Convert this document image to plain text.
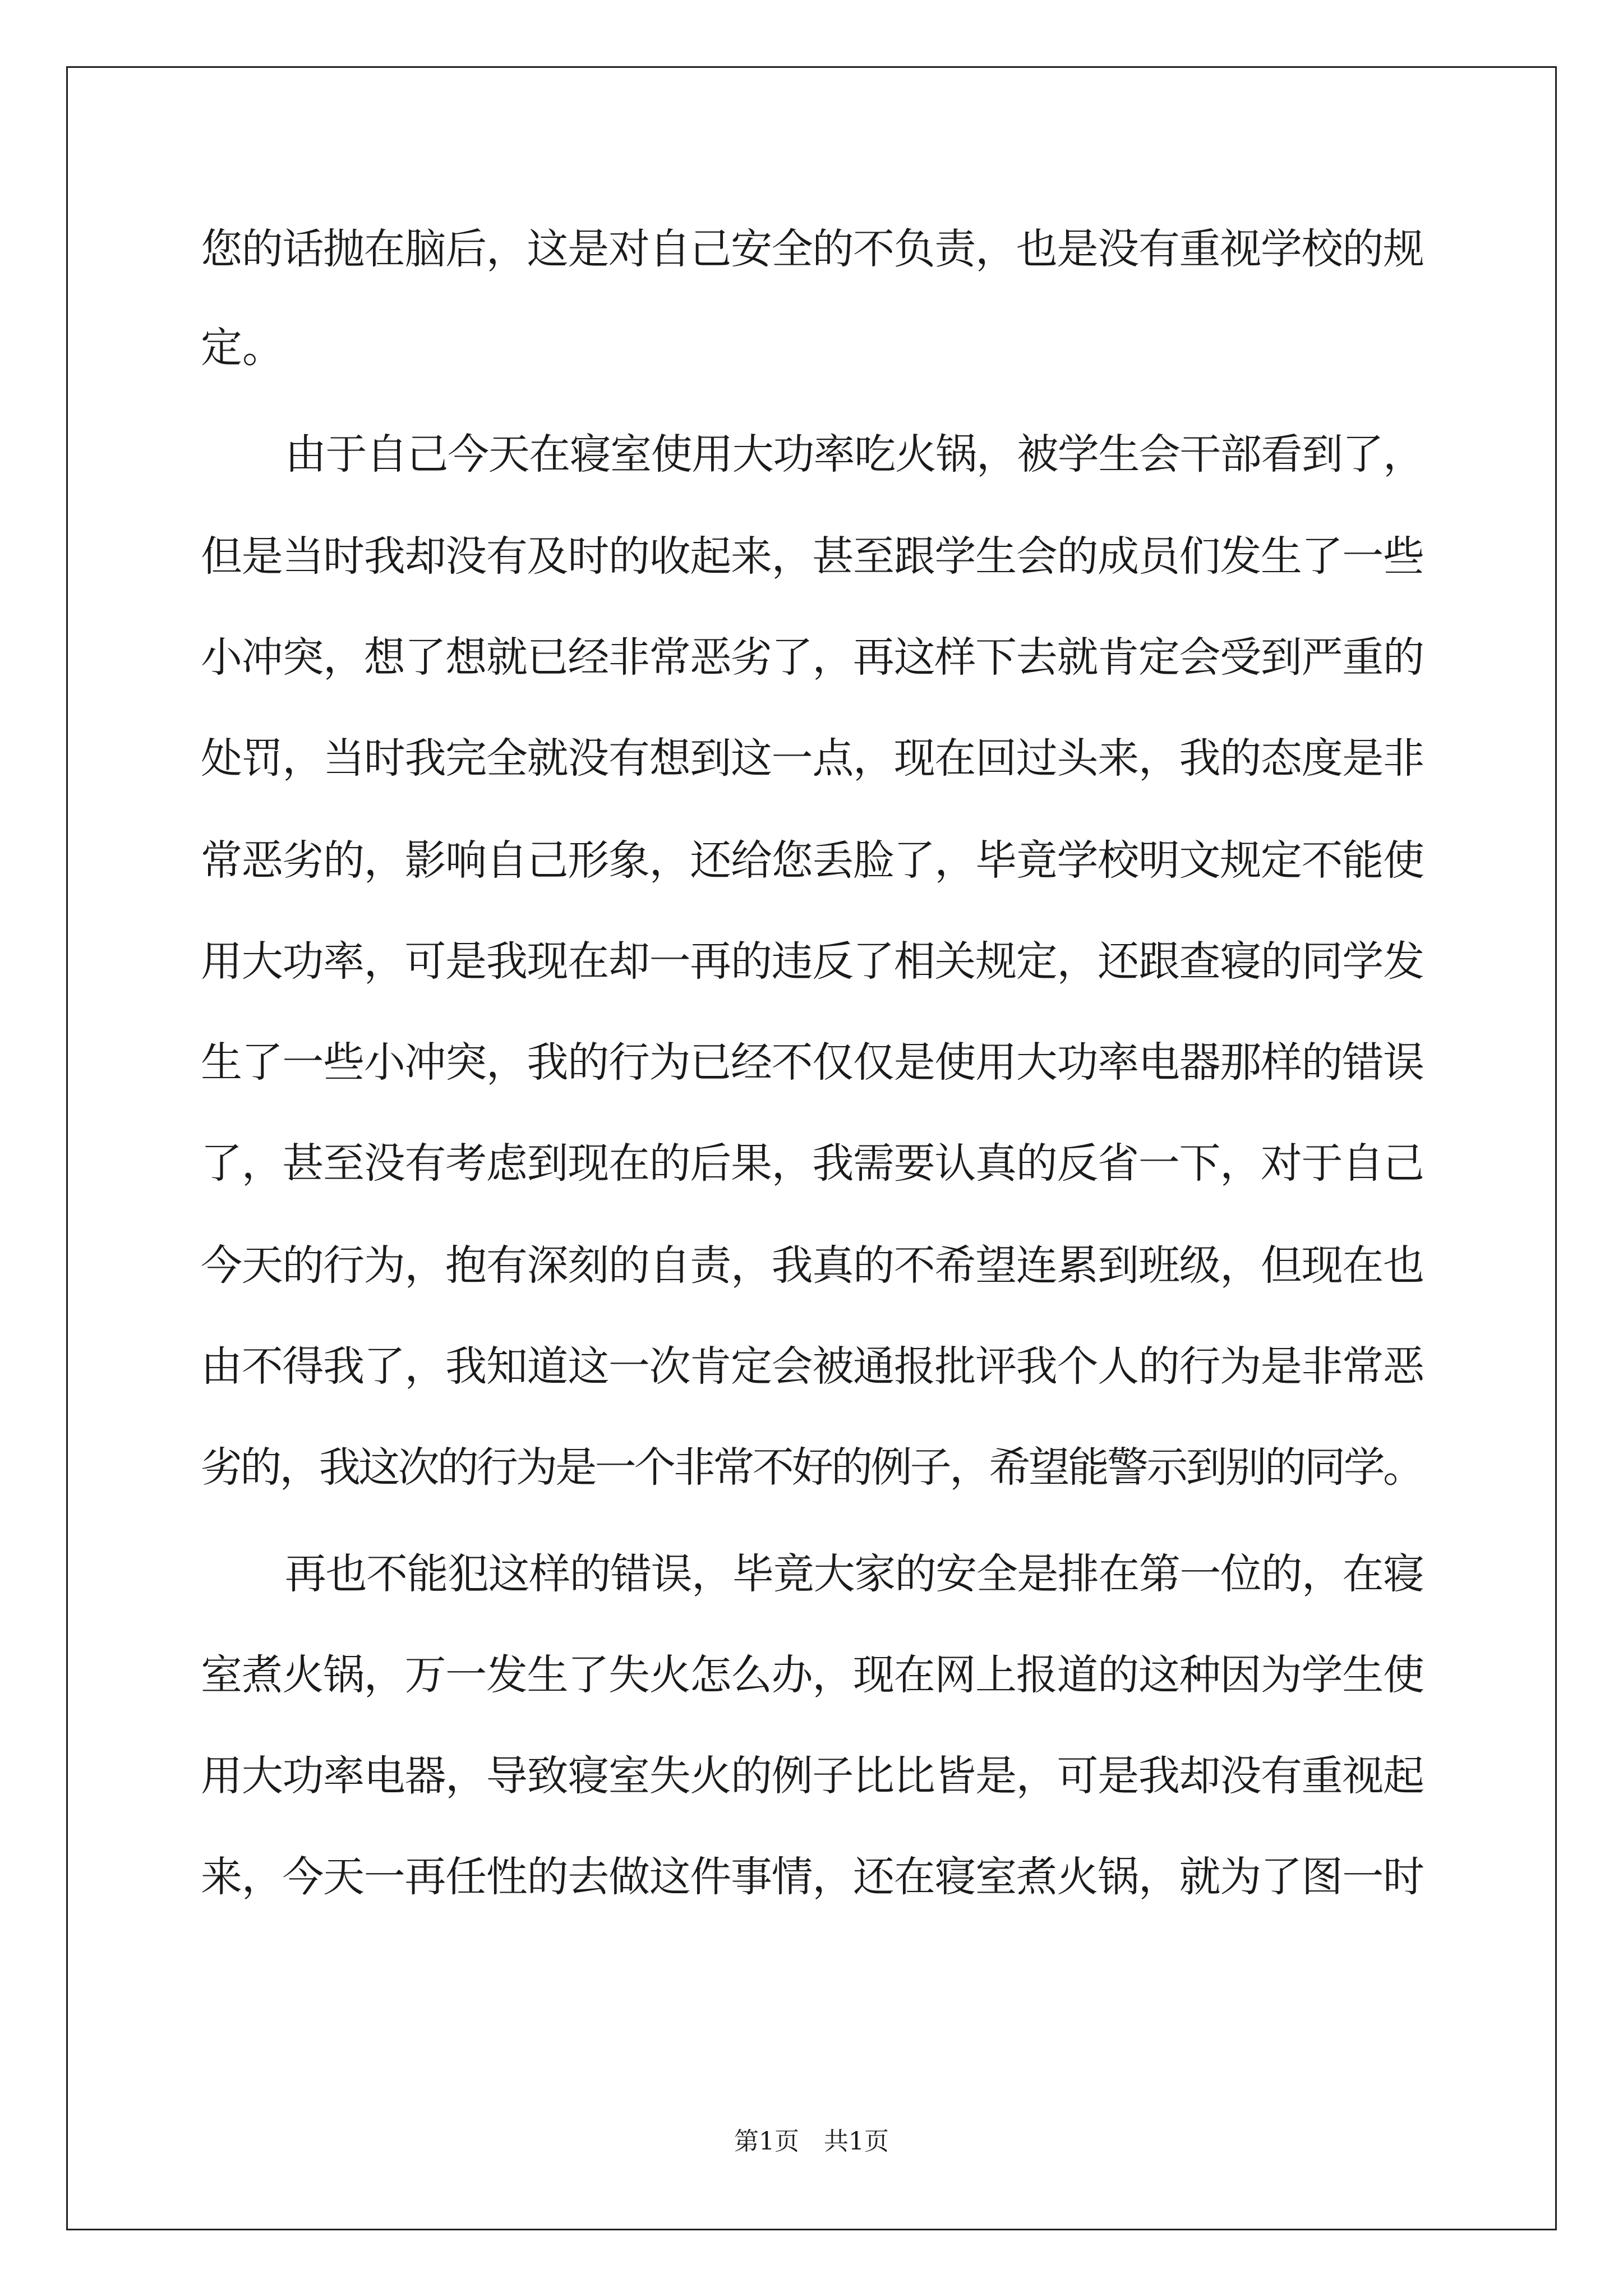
您的话抛在脑后，这是对自己安全的不负责，也是没有重视学校的规
定。
由于自己今天在寝室使用大功率吃火锅，被学生会干部看到了，
但是当时我却没有及时的收起来，甚至跟学生会的成员们发生了一些
小冲突，想了想就已经非常恶劣了，再这样下去就肯定会受到严重的
处罚，当时我完全就没有想到这一点，现在回过头来，我的态度是非
常恶劣的，影响自己形象，还给您丢脸了，毕竟学校明文规定不能使
用大功率，可是我现在却一再的违反了相关规定，还跟查寝的同学发
生了一些小冲突，我的行为已经不仅仅是使用大功率电器那样的错误
了，甚至没有考虑到现在的后果，我需要认真的反省一下，对于自己
今天的行为，抱有深刻的自责，我真的不希望连累到班级，但现在也
由不得我了，我知道这一次肯定会被通报批评我个人的行为是非常恶
劣的，我这次的行为是一个非常不好的例子，希望能警示到别的同学。
再也不能犯这样的错误，毕竟大家的安全是排在第一位的，在寝
室煮火锅，万一发生了失火怎么办，现在网上报道的这种因为学生使
用大功率电器，导致寝室失火的例子比比皆是，可是我却没有重视起
来，今天一再任性的去做这件事情，还在寝室煮火锅，就为了图一时
第1页　共1页
